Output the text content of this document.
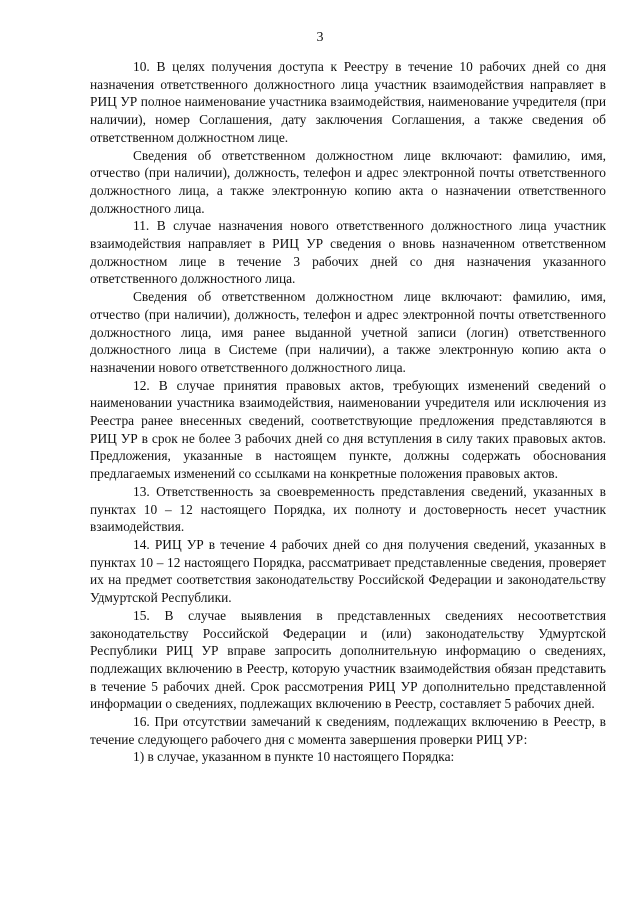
3

10. В целях получения доступа к Реестру в течение 10 рабочих дней со дня назначения ответственного должностного лица участник взаимодействия направляет в РИЦ УР полное наименование участника взаимодействия, наименование учредителя (при наличии), номер Соглашения, дату заключения Соглашения, а также сведения об ответственном должностном лице.

Сведения об ответственном должностном лице включают: фамилию, имя, отчество (при наличии), должность, телефон и адрес электронной почты ответственного должностного лица, а также электронную копию акта о назначении ответственного должностного лица.

11. В случае назначения нового ответственного должностного лица участник взаимодействия направляет в РИЦ УР сведения о вновь назначенном ответственном должностном лице в течение 3 рабочих дней со дня назначения указанного ответственного должностного лица.

Сведения об ответственном должностном лице включают: фамилию, имя, отчество (при наличии), должность, телефон и адрес электронной почты ответственного должностного лица, имя ранее выданной учетной записи (логин) ответственного должностного лица в Системе (при наличии), а также электронную копию акта о назначении нового ответственного должностного лица.

12. В случае принятия правовых актов, требующих изменений сведений о наименовании участника взаимодействия, наименовании учредителя или исключения из Реестра ранее внесенных сведений, соответствующие предложения представляются в РИЦ УР в срок не более 3 рабочих дней со дня вступления в силу таких правовых актов. Предложения, указанные в настоящем пункте, должны содержать обоснования предлагаемых изменений со ссылками на конкретные положения правовых актов.

13. Ответственность за своевременность представления сведений, указанных в пунктах 10 – 12 настоящего Порядка, их полноту и достоверность несет участник взаимодействия.

14. РИЦ УР в течение 4 рабочих дней со дня получения сведений, указанных в пунктах 10 – 12 настоящего Порядка, рассматривает представленные сведения, проверяет их на предмет соответствия законодательству Российской Федерации и законодательству Удмуртской Республики.

15. В случае выявления в представленных сведениях несоответствия законодательству Российской Федерации и (или) законодательству Удмуртской Республики РИЦ УР вправе запросить дополнительную информацию о сведениях, подлежащих включению в Реестр, которую участник взаимодействия обязан представить в течение 5 рабочих дней. Срок рассмотрения РИЦ УР дополнительно представленной информации о сведениях, подлежащих включению в Реестр, составляет 5 рабочих дней.

16. При отсутствии замечаний к сведениям, подлежащих включению в Реестр, в течение следующего рабочего дня с момента завершения проверки РИЦ УР:

1) в случае, указанном в пункте 10 настоящего Порядка:
